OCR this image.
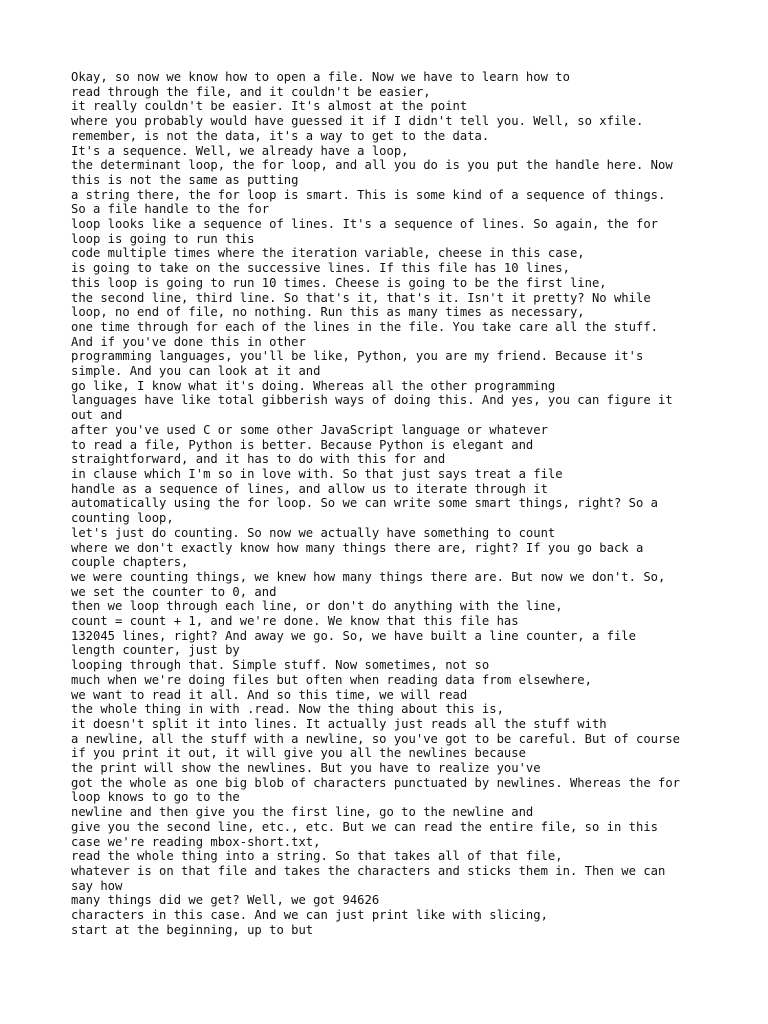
Okay, so now we know how to open a file. Now we have to learn how to
read through the file, and it couldn't be easier,
it really couldn't be easier. It's almost at the point
where you probably would have guessed it if I didn't tell you. Well, so xfile.
remember, is not the data, it's a way to get to the data.
It's a sequence. Well, we already have a loop,
the determinant loop, the for loop, and all you do is you put the handle here. Now
this is not the same as putting
a string there, the for loop is smart. This is some kind of a sequence of things.
So a file handle to the for
loop looks like a sequence of lines. It's a sequence of lines. So again, the for
loop is going to run this
code multiple times where the iteration variable, cheese in this case,
is going to take on the successive lines. If this file has 10 lines,
this loop is going to run 10 times. Cheese is going to be the first line,
the second line, third line. So that's it, that's it. Isn't it pretty? No while
loop, no end of file, no nothing. Run this as many times as necessary,
one time through for each of the lines in the file. You take care all the stuff.
And if you've done this in other
programming languages, you'll be like, Python, you are my friend. Because it's
simple. And you can look at it and
go like, I know what it's doing. Whereas all the other programming
languages have like total gibberish ways of doing this. And yes, you can figure it
out and
after you've used C or some other JavaScript language or whatever
to read a file, Python is better. Because Python is elegant and
straightforward, and it has to do with this for and
in clause which I'm so in love with. So that just says treat a file
handle as a sequence of lines, and allow us to iterate through it
automatically using the for loop. So we can write some smart things, right? So a
counting loop,
let's just do counting. So now we actually have something to count
where we don't exactly know how many things there are, right? If you go back a
couple chapters,
we were counting things, we knew how many things there are. But now we don't. So,
we set the counter to 0, and
then we loop through each line, or don't do anything with the line,
count = count + 1, and we're done. We know that this file has
132045 lines, right? And away we go. So, we have built a line counter, a file
length counter, just by
looping through that. Simple stuff. Now sometimes, not so
much when we're doing files but often when reading data from elsewhere,
we want to read it all. And so this time, we will read
the whole thing in with .read. Now the thing about this is,
it doesn't split it into lines. It actually just reads all the stuff with
a newline, all the stuff with a newline, so you've got to be careful. But of course
if you print it out, it will give you all the newlines because
the print will show the newlines. But you have to realize you've
got the whole as one big blob of characters punctuated by newlines. Whereas the for
loop knows to go to the
newline and then give you the first line, go to the newline and
give you the second line, etc., etc. But we can read the entire file, so in this
case we're reading mbox-short.txt,
read the whole thing into a string. So that takes all of that file,
whatever is on that file and takes the characters and sticks them in. Then we can
say how
many things did we get? Well, we got 94626
characters in this case. And we can just print like with slicing,
start at the beginning, up to but
